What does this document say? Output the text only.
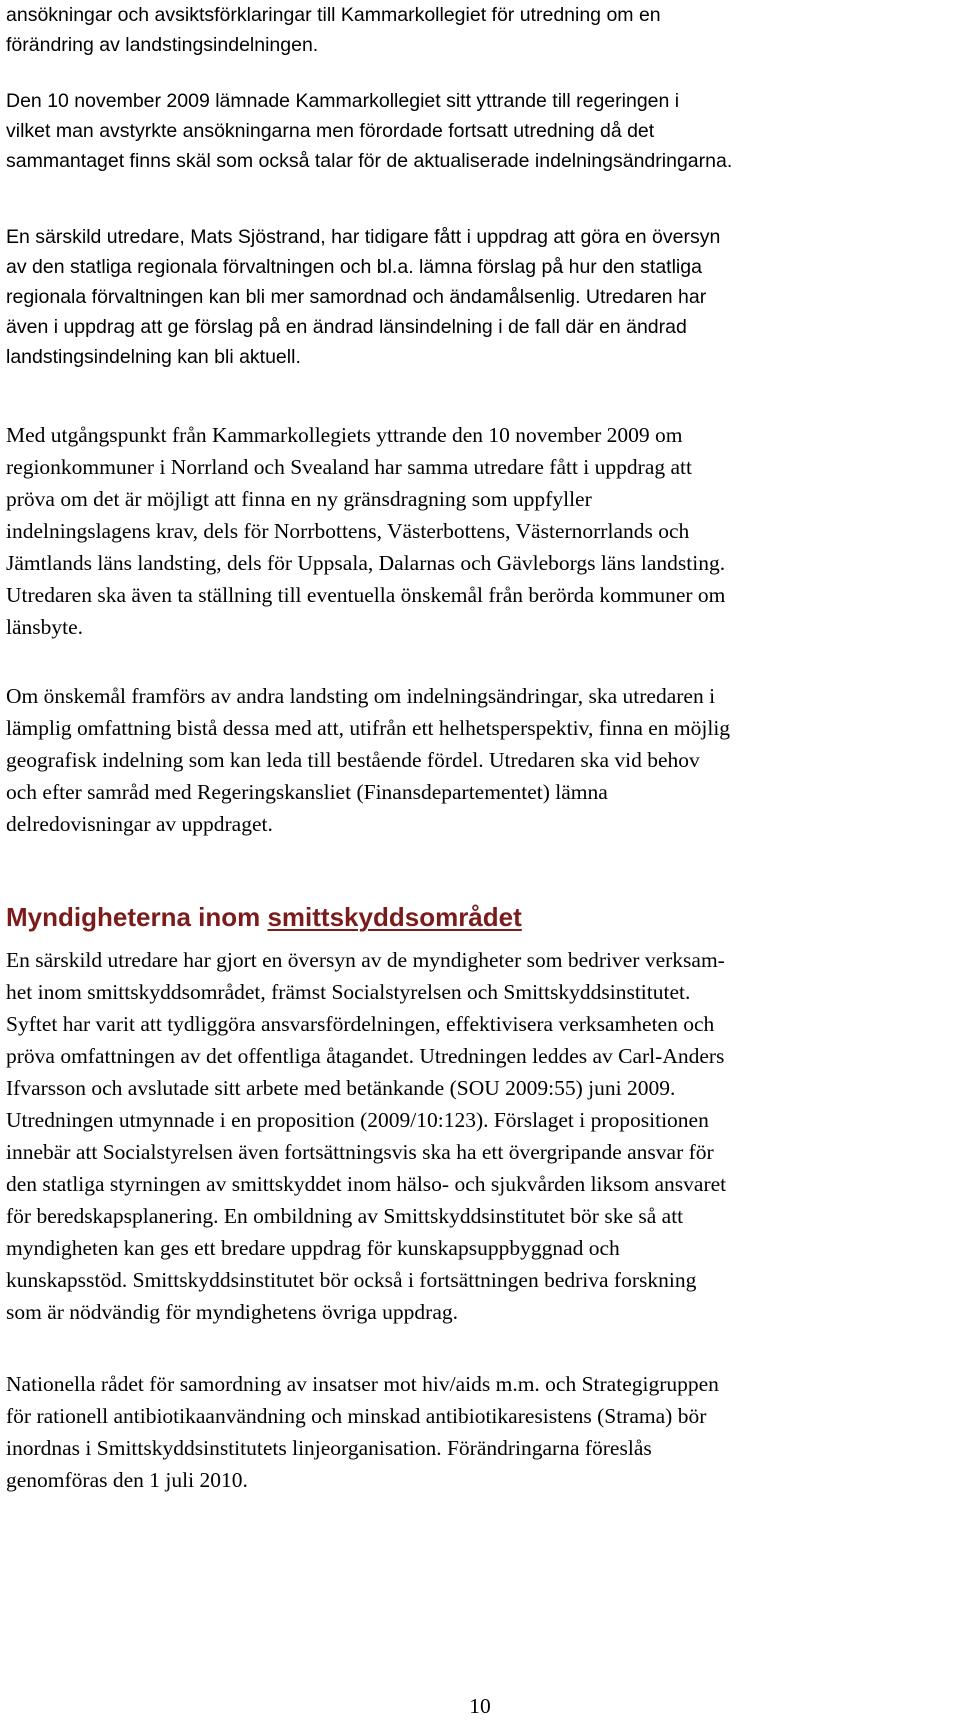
ansökningar och avsiktsförklaringar till Kammarkollegiet för utredning om en
förändring av landstingsindelningen.

Den 10 november 2009 lämnade Kammarkollegiet sitt yttrande till regeringen i
vilket man avstyrkte ansökningarna men förordade fortsatt utredning då det
sammantaget finns skäl som också talar för de aktualiserade indelningsändringarna.

En särskild utredare, Mats Sjöstrand, har tidigare fått i uppdrag att göra en översyn
av den statliga regionala förvaltningen och bl.a. lämna förslag på hur den statliga
regionala förvaltningen kan bli mer samordnad och ändamålsenlig. Utredaren har
även i uppdrag att ge förslag på en ändrad länsindelning i de fall där en ändrad
landstingsindelning kan bli aktuell.

Med utgångspunkt från Kammarkollegiets yttrande den 10 november 2009 om
regionkommuner i Norrland och Svealand har samma utredare fått i uppdrag att
pröva om det är möjligt att finna en ny gränsdragning som uppfyller
indelningslagens krav, dels för Norrbottens, Västerbottens, Västernorrlands och
Jämtlands läns landsting, dels för Uppsala, Dalarnas och Gävleborgs läns landsting.
Utredaren ska även ta ställning till eventuella önskemål från berörda kommuner om
länsbyte.

Om önskemål framförs av andra landsting om indelningsändringar, ska utredaren i
lämplig omfattning bistå dessa med att, utifrån ett helhetsperspektiv, finna en möjlig
geografisk indelning som kan leda till bestående fördel. Utredaren ska vid behov
och efter samråd med Regeringskansliet (Finansdepartementet) lämna
delredovisningar av uppdraget.

Myndigheterna inom smittskyddsområdet

En särskild utredare har gjort en översyn av de myndigheter som bedriver verksam-
het inom smittskyddsområdet, främst Socialstyrelsen och Smittskyddsinstitutet.
Syftet har varit att tydliggöra ansvarsfördelningen, effektivisera verksamheten och
pröva omfattningen av det offentliga åtagandet. Utredningen leddes av Carl-Anders
Ifvarsson och avslutade sitt arbete med betänkande (SOU 2009:55) juni 2009.
Utredningen utmynnade i en proposition (2009/10:123). Förslaget i propositionen
innebär att Socialstyrelsen även fortsättningsvis ska ha ett övergripande ansvar för
den statliga styrningen av smittskyddet inom hälso- och sjukvården liksom ansvaret
för beredskapsplanering. En ombildning av Smittskyddsinstitutet bör ske så att
myndigheten kan ges ett bredare uppdrag för kunskapsuppbyggnad och
kunskapsstöd. Smittskyddsinstitutet bör också i fortsättningen bedriva forskning
som är nödvändig för myndighetens övriga uppdrag.

Nationella rådet för samordning av insatser mot hiv/aids m.m. och Strategigruppen
för rationell antibiotikaanvändning och minskad antibiotikaresistens (Strama) bör
inordnas i Smittskyddsinstitutets linjeorganisation. Förändringarna föreslås
genomföras den 1 juli 2010.

10
